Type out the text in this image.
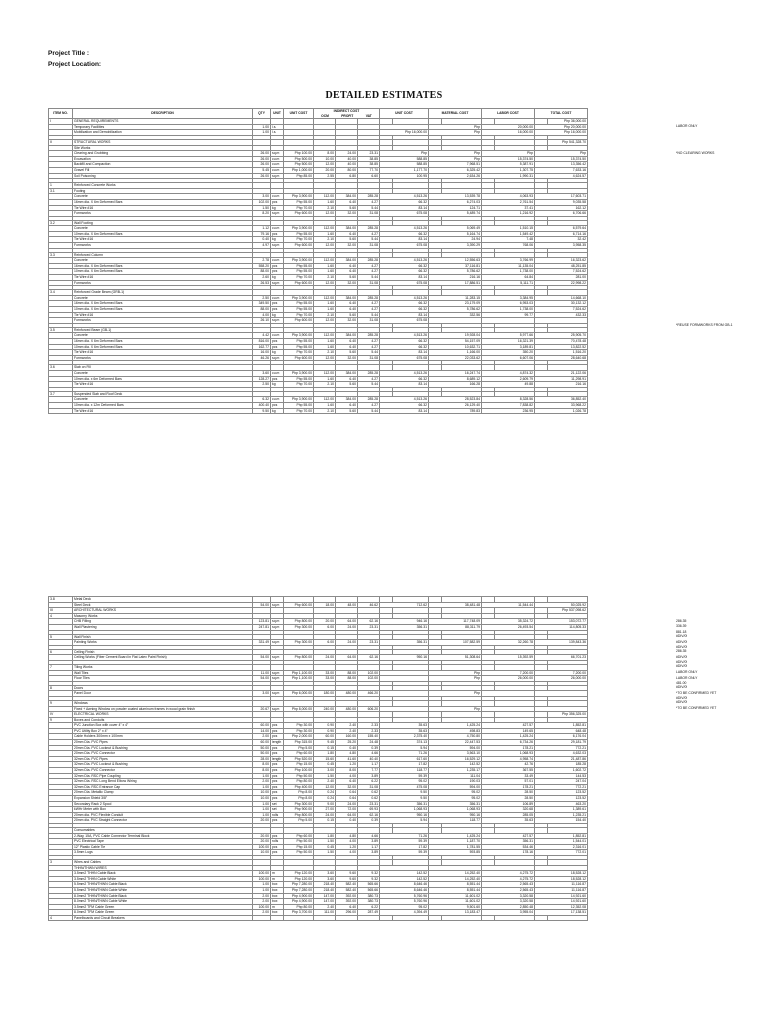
Project Title :
Project Location:
DETAILED ESTIMATES
ITEM NO.	DESCRIPTION	QTY	UNIT	UNIT COST	INDIRECT COST
OCM PROFIT VAT			UNIT COST		MATERIAL COST		LABOR COST		TOTAL COST	
I	GENERAL REQUIREMENTS														Php 36,000.00
	Temporary Facilities	1.00	l.s.							Php		20,000.00		Php 20,000.00	
	Mobilization and Demobilization	1.00	l.s.					Php 16,000.00		Php		16,000.00		Php 16,000.00	

II	STRUCTURAL WORKS														Php 541,328.70
	Site Works														
	Clearing and Grubbing	26.00	sq.m	Php 100.00	8.00	24.00	23.31	Php		Php		Php		Php	
	Excavation	26.00	cu.m	Php 500.00	10.00	40.00	38.85	588.85		Php		15,374.50		15,374.50	
	Backfill and Compaction	26.00	cu.m	Php 500.00	12.00	40.00	38.85	588.85		7,968.51		5,387.91		13,356.42	
	Gravel Fill	5.45	cu.m	Php 1,000.00	20.00	80.00	77.70	1,177.70		6,325.42		1,307.75		7,633.16	
	Soil Poisoning	26.00	sq.m	Php 85.00	2.55	6.80	6.60	100.95		2,634.26		1,990.31		4,624.57	

1	Reinforced Concrete Works														
3.1	Footing														
	Concrete	3.00	cu.m	Php 3,900.00	112.00	384.00	285.28	4,513.26		13,539.78		4,063.93		17,603.71	
	16mm dia. X 6m Deformed Bars	102.00	pcs	Php 55.00	1.60	6.40	4.27	66.32		6,274.03		2,761.54		9,035.58	
	Tie Wire #16	1.50	kg	Php 70.00	2.10	5.60	5.44	83.14		124.71		37.41		162.12	
	Formworks	8.20	sq.m	Php 600.00	12.00	32.00	31.08	675.08		5,489.74		1,216.92		6,706.66	

3.2	Wall Footing														
	Concrete	1.12	cu.m	Php 3,900.00	112.00	384.00	285.28	4,513.26		5,069.49		1,510.15		6,579.64	
	10mm dia. X 6m Deformed Bars	79.16	pcs	Php 55.00	1.60	6.40	4.27	66.32		5,164.74		1,549.42		6,714.16	
	Tie Wire #16	0.40	kg	Php 70.00	2.10	5.60	5.44	83.14		24.94		7.48		32.42	
	Formworks	4.97	sq.m	Php 600.00	12.00	32.00	31.08	675.08		3,390.29		768.06		3,958.35	

3.3	Reinforced Column														
	Concrete	2.78	cu.m	Php 3,900.00	112.00	384.00	285.28	4,513.26		12,556.63		3,766.99		16,323.62	
	16mm dia. X 6m Deformed Bars	558.20	pcs	Php 55.00	1.60	6.40	4.27	66.32		37,116.81		11,135.04		48,251.85	
	10mm dia. X 6m Deformed Bars	88.00	pcs	Php 55.00	1.60	6.40	4.27	66.32		5,786.62		1,738.00		7,524.62	
	Tie Wire #16	2.60	kg	Php 70.00	2.10	5.60	5.44	83.14		216.16		64.84		281.00	
	Formworks	26.53	sq.m	Php 600.00	12.00	32.00	31.08	675.08		17,886.51		5,111.71		22,998.22	

3.4	Reinforced Grade Beam (GRB-1)														
	Concrete	2.50	cu.m	Php 3,900.00	112.00	384.00	285.28	4,513.26		11,283.15		3,384.95		14,668.10	
	16mm dia. X 6m Deformed Bars	349.50	pcs	Php 55.00	1.60	6.40	4.27	66.32		23,179.09		6,953.03		30,132.12	
	10mm dia. X 6m Deformed Bars	88.00	pcs	Php 55.00	1.60	6.40	4.27	66.32		5,786.62		1,738.00		7,524.62	
	Tie Wire #16	4.00	kg	Php 70.00	2.10	5.60	5.44	83.14		332.56		99.77		432.33	
	Formworks	26.10	sq.m	Php 600.00	12.00	32.00	31.08	675.08							

3.5	Reinforced Beam (GB-1)														
	Concrete	4.42	cu.m	Php 3,900.00	112.00	384.00	285.28	4,513.26		19,928.04		5,977.66		25,905.70	
	16mm dia. X 6m Deformed Bars	816.00	pcs	Php 55.00	1.60	6.40	4.27	66.32		54,157.09		16,321.39		70,478.48	
	10mm dia. X 6m Deformed Bars	162.77	pcs	Php 55.00	1.60	6.40	4.27	66.32		10,632.71		3,189.81		13,822.52	
	Tie Wire #16	16.00	kg	Php 70.00	2.10	5.60	5.44	83.14		1,166.00		350.20		1,516.20	
	Formworks	46.26	sq.m	Php 600.00	12.00	32.00	31.08	675.08		22,033.62		6,607.06		28,640.68	

3.6	Slab on Fill														
	Concrete	3.60	cu.m	Php 3,900.00	112.00	384.00	285.28	4,513.26		16,247.74		4,874.32		21,122.06	
	10mm dia. x 6m Deformed Bars	128.27	pcs	Php 55.00	1.60	6.40	4.27	66.32		8,689.12		2,609.79		11,298.91	
	Tie Wire #16	2.50	kg	Php 70.00	2.10	5.60	5.44	83.14		166.28		49.88		216.16	

3.7	Suspended Slab and Roof Deck														
	Concrete	6.32	cu.m	Php 3,900.00	112.00	384.00	285.28	4,513.26		28,523.84		8,328.56		36,852.40	
	10mm dia. x 12m Deformed Bars	400.40	pcs	Php 55.00	1.60	6.40	4.27	66.32		26,129.40		7,838.82		33,968.22	
	Tie Wire #16	9.50	kg	Php 70.00	2.10	5.60	5.44	83.14		789.83		236.95		1,026.78	
3.8	Metal Deck														
	Steel Deck	54.00	sq.m	Php 600.00	18.00	48.00	46.62	712.62		38,481.48		11,544.44		50,025.92	
III	ARCHITECTURAL WORKS														Php 537,098.62
4	Masonry Works														
	CHB Filling	123.81	sq.m	Php 800.00	20.00	64.00	62.16	946.16		117,748.09		35,324.72		153,072.77	
	Wall Plastering	247.81	sq.m	Php 300.00	6.00	24.00	23.31	356.31		88,311.79		26,493.54		114,805.33	

5	Wall Finish														
	Painting Works	331.49	sq.m	Php 300.00	6.00	24.00	23.31	356.31		107,582.59		32,260.78		139,843.36	

6	Ceiling Finish														
	Ceiling Works (Fiber Cement Board in Flat Latex Paint Finish)	54.00	sq.m	Php 800.00	24.00	64.00	62.16	950.16		51,308.64		15,392.59		66,701.23	

7	Tiling Works														
	Wall Tiles	11.00	sq.m	Php 1,100.00	33.00	88.00	102.00			Php		7,200.00		7,200.00	
	Floor Tiles	54.00	sq.m	Php 1,100.00	33.00	88.00	102.00			Php		26,000.00		26,000.00	

8	Doors														
	Panel Door	3.00	sq.m	Php 6,000.00	180.00	480.00	466.20			Php					

9	Windows														
	Fixed + Awning Window on powder coated aluminum frames in wood grain finish	20.67	sq.m	Php 8,000.00	240.00	480.00	606.20			Php					
IV	ELECTRICAL WORKS														Php 356,325.00
9	Boxes and Conduits														
	PVC Junction Box with cover 4" x 4"	60.00	pcs	Php 30.00	0.90	2.40	2.33	35.63		1,425.24		427.57		1,852.81	
	PVC Utility Box 2" x 4"	14.00	pcs	Php 30.00	0.90	2.40	2.33	35.63		498.83		149.65		648.48	
	Cable Holders 300mm x 100mm	2.00	pcs	Php 2,000.00	60.00	160.00	155.40	2,375.40		4,750.80		1,425.24		6,176.04	
	20mm Dia. PVC Pipes	60.00	length	Php 315.00	9.45	25.20	24.48	374.13		22,447.53		6,734.26		29,181.79	
	20mm Dia. PVC Locknut & Bushing	50.00	pcs	Php 5.00	0.15	0.40	0.39	5.94		594.00		178.21		772.21	
	20mm Dia. PVC Connector	50.00	pcs	Php 60.00	1.80	4.80	4.66	71.26		3,563.10		1,068.93		4,632.03	
	32mm Dia. PVC Pipes	28.00	length	Php 520.00	15.60	41.60	40.40	617.60		16,529.12		4,958.74		21,487.86	
	32mm Dia. PVC Locknut & Bushing	8.00	pcs	Php 15.00	0.45	1.20	1.17	17.82		142.52		42.76		185.28	
	32mm Dia. PVC Connector	8.00	pcs	Php 100.00	3.00	8.00	7.77	118.77		1,235.17		367.55		1,602.72	
	32mm Dia. RSC Pipe Coupling	1.00	pcs	Php 50.00	1.50	4.00	3.89	59.39		111.04		33.49		144.53	
	32mm Dia. RSC Long Bend Elbow Wiring	2.00	pcs	Php 80.00	2.40	6.40	6.22	95.02		190.03		57.01		247.04	
	32mm Dia. RSC Entrance Cap	1.00	pcs	Php 400.00	12.00	32.00	31.08	475.08		594.00		178.21		772.21	
	20mm Dia. Metallic Clamp	10.00	pcs	Php 8.00	0.24	0.64	0.62	9.50		95.02		28.50		123.52	
	Expansion Shield 3/8"	10.00	pcs	Php 8.00	0.24	0.64	0.62	9.50		95.02		28.50		123.52	
	Secondary Rack 2 Spool	1.00	set	Php 300.00	9.00	24.00	23.31	356.31		356.31		106.89		463.20	
	kWHr Meter with Box	1.00	set	Php 900.00	27.00	72.00	69.93	1,068.93		1,068.93		320.68		1,389.61	
	20mm dia. PVC Flexible Conduit	1.00	rolls	Php 800.00	24.00	64.00	62.16	950.16		950.16		285.05		1,235.21	
	20mm dia. PVC Straight Connector	20.00	pcs	Php 5.00	0.15	0.40	0.39	5.94		118.77		35.63		154.40	

	Consumables														
	2-Way, 15A, PVC Cable Connector Terminal Block	20.00	pcs	Php 60.00	1.80	4.80	4.66	71.26		1,425.24		427.57		1,852.81	
	PVC Electrical Tape	20.00	rolls	Php 50.00	1.50	4.00	3.89	59.39		1,187.70		356.31		1,544.01	
	12" Plastic Cable Tie	100.00	pcs	Php 15.00	0.45	1.20	1.17	17.82		1,781.55		534.46		2,316.01	
	3.5mm Lugs	10.00	pcs	Php 50.00	1.50	4.00	3.89	59.39		593.85		178.16		772.01	

3	Wires and Cables														
	THHN/THWN WIRES														
	3.5mm2 THHN Cable Black	100.00	m	Php 120.00	3.60	9.60	9.32	142.52		14,252.40		4,275.72		18,528.12	
	3.5mm2 THHN Cable White	100.00	m	Php 120.00	3.60	9.60	9.32	142.52		14,252.40		4,275.72		18,528.12	
	5.5mm2 THHN/THWN Cable Black	1.00	box	Php 7,280.00	218.40	582.40	565.66	8,646.46		8,551.44		2,565.43		11,116.87	
	5.5mm2 THHN/THWN Cable White	1.00	box	Php 7,280.00	218.40	582.40	565.66	8,646.46		8,551.44		2,565.43		11,116.87	
	8.0mm2 THHN/THWN Cable Black	2.00	box	Php 4,900.00	147.00	392.00	380.73	5,760.96		11,601.02		3,320.58		14,921.60	
	8.0mm2 THHN/THWN Cable White	2.00	box	Php 4,900.00	147.00	392.00	380.73	5,760.96		11,601.02		3,320.58		14,921.60	
	3.5mm2 TFM Cable Green	100.00	m	Php 80.00	2.40	6.40	6.22	95.02		9,501.60		2,850.48		12,352.08	
	8.0mm2 TFM Cable Green	2.00	box	Php 3,700.00	111.00	296.00	287.49	4,394.49		13,183.47		3,955.04		17,138.51	
4	Panelboards and Circuit Breakers														
LABOR ONLY
*NO CLEARING WORKS
*REUSE FORMWORKS FROM GB-1
286.35
336.39
881.18
#DIV/0!
#DIV/0!
#DIV/0!
286.35
#DIV/0!
#DIV/0!
#DIV/0!
LABOR ONLY
LABOR ONLY
481.00
#DIV/0!
*TO BE CONFIRMED YET
#DIV/0!
#DIV/0!
*TO BE CONFIRMED YET
